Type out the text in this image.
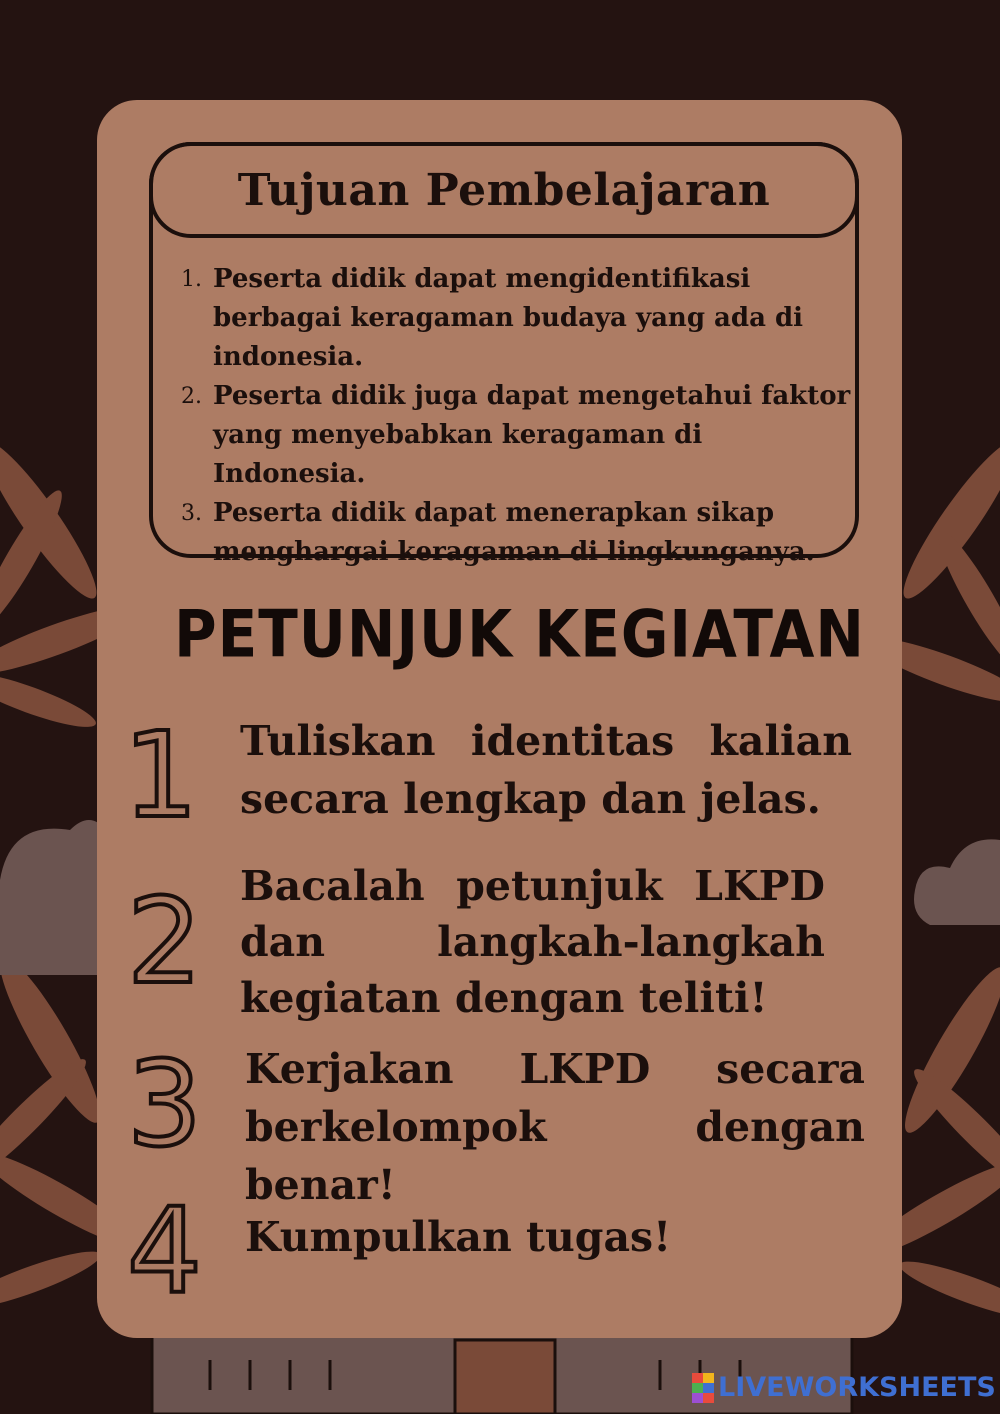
Tujuan Pembelajaran
1. Peserta didik dapat mengidentifikasi berbagai keragaman budaya yang ada di indonesia.
2. Peserta didik juga dapat mengetahui faktor yang menyebabkan keragaman di Indonesia.
3. Peserta didik dapat menerapkan sikap menghargai keragaman di lingkunganya.
PETUNJUK KEGIATAN
1 Tuliskan identitas kalian secara lengkap dan jelas.
2 Bacalah petunjuk LKPD dan langkah-langkah kegiatan dengan teliti!
3 Kerjakan LKPD secara berkelompok dengan benar!
4 Kumpulkan tugas!
LIVEWORKSHEETS
